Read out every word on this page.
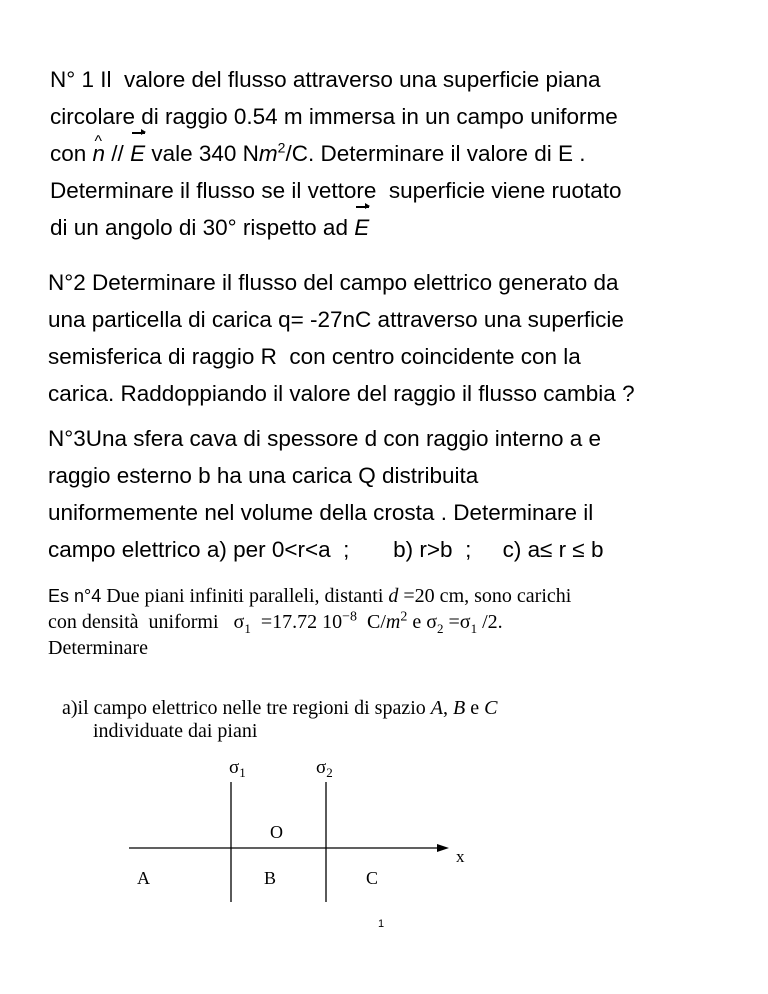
N° 1 Il  valore del flusso attraverso una superficie piana
circolare di raggio 0.54 m immersa in un campo uniforme
con ^ n // E vale 340 Nm$^2$/C. Determinare il valore di E .
Determinare il flusso se il vettore  superficie viene ruotato
di un angolo di 30° rispetto ad E
N°2 Determinare il flusso del campo elettrico generato da
una particella di carica q= -27nC attraverso una superficie
semisferica di raggio R  con centro coincidente con la
carica. Raddoppiando il valore del raggio il flusso cambia ?
N°3Una sfera cava di spessore d con raggio interno a e
raggio esterno b ha una carica Q distribuita
uniformemente nel volume della crosta . Determinare il
campo elettrico a) per 0<r<a  ;       b) r>b  ;     c) a≤ r ≤ b
Es n°4 Due piani infiniti paralleli, distanti d =20 cm, sono carichi
con densità  uniformi   $\sigma_1 =17.72$ $10^{-8}$  $C/m^2$ e $\sigma_2 =\sigma_1$ /2.
Determinare
a)il campo elettrico nelle tre regioni di spazio A, B e C
individuate dai piani
$\sigma_1$	$\sigma_2$
O
x
A	B	C
1
